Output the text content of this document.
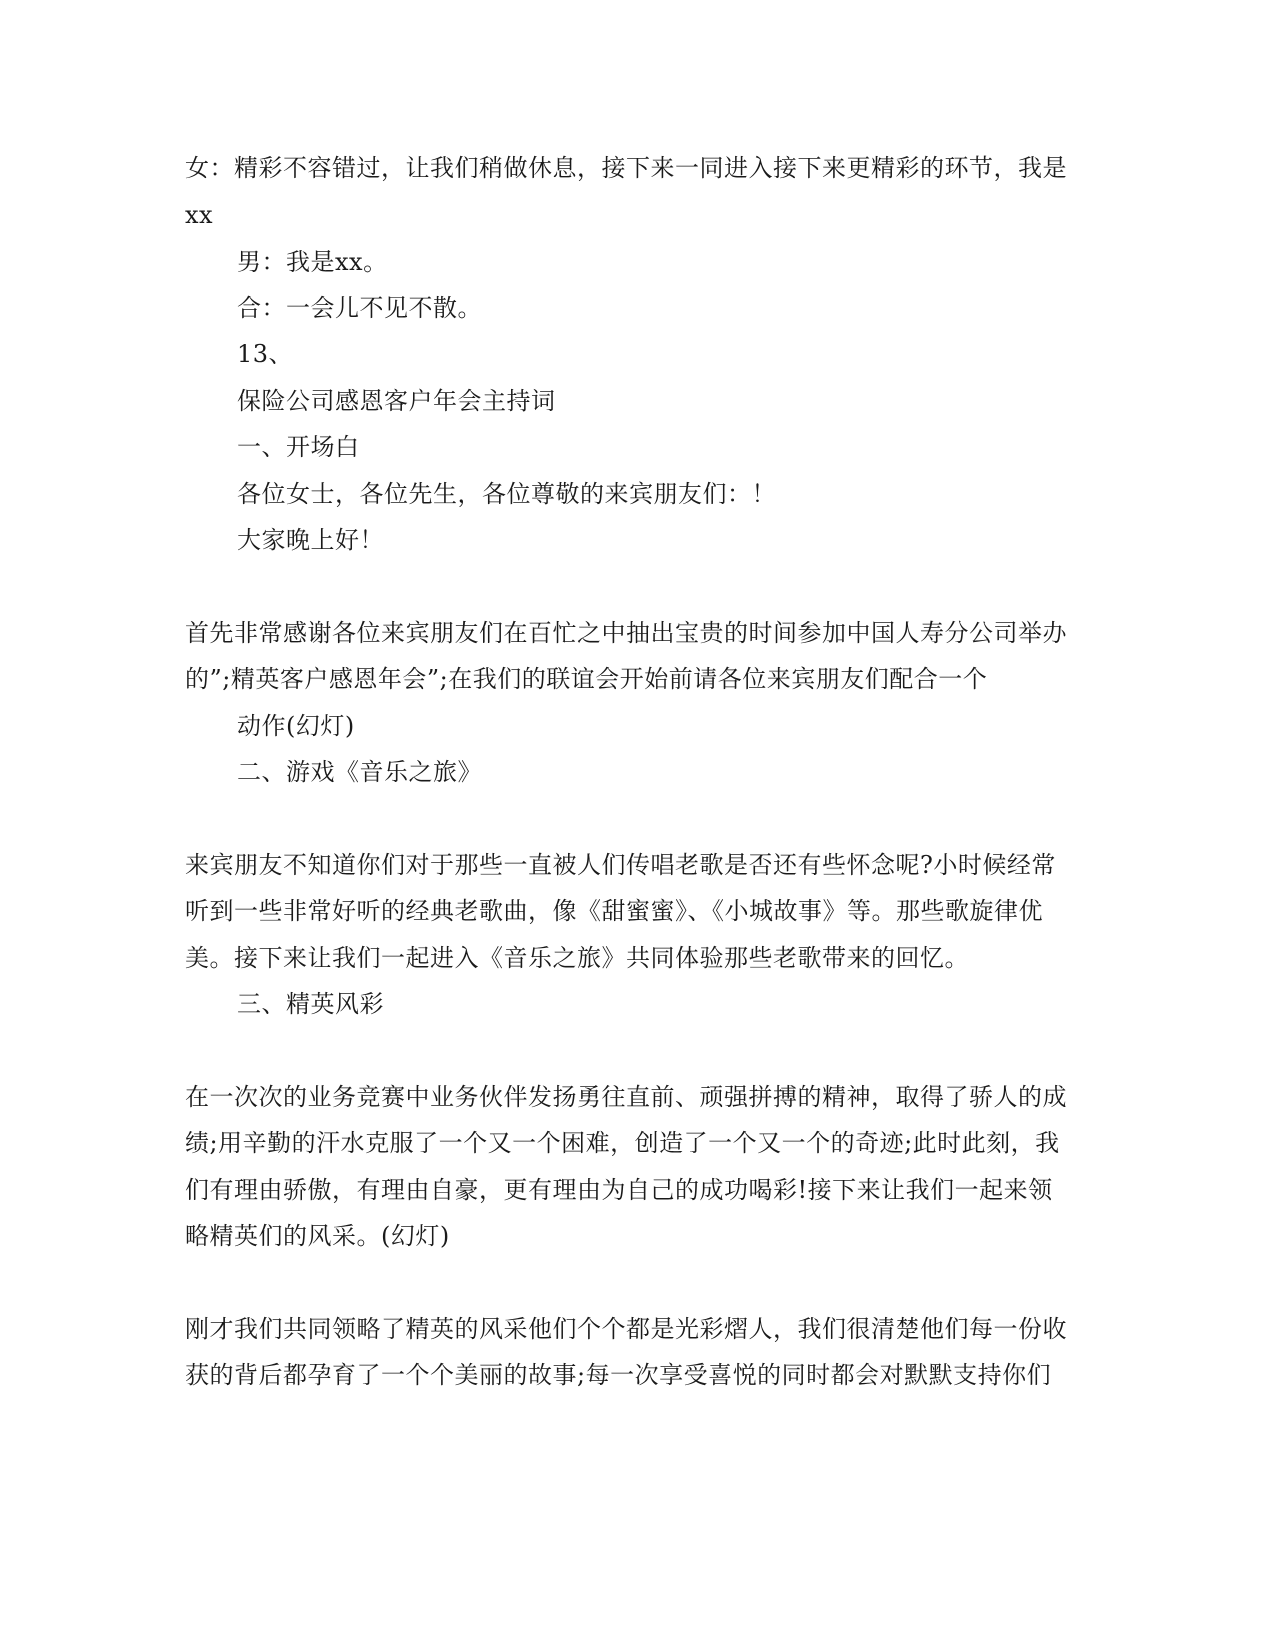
女：精彩不容错过，让我们稍做休息，接下来一同进入接下来更精彩的环节，我是
xx
男：我是xx。
合：一会儿不见不散。
13、
保险公司感恩客户年会主持词
一、开场白
各位女士，各位先生，各位尊敬的来宾朋友们：！
大家晚上好！
首先非常感谢各位来宾朋友们在百忙之中抽出宝贵的时间参加中国人寿分公司举办
的”;精英客户感恩年会”;在我们的联谊会开始前请各位来宾朋友们配合一个
动作(幻灯)
二、游戏《音乐之旅》
来宾朋友不知道你们对于那些一直被人们传唱老歌是否还有些怀念呢?小时候经常
听到一些非常好听的经典老歌曲，像《甜蜜蜜》、《小城故事》等。那些歌旋律优
美。接下来让我们一起进入《音乐之旅》共同体验那些老歌带来的回忆。
三、精英风彩
在一次次的业务竞赛中业务伙伴发扬勇往直前、顽强拼搏的精神，取得了骄人的成
绩;用辛勤的汗水克服了一个又一个困难，创造了一个又一个的奇迹;此时此刻，我
们有理由骄傲，有理由自豪，更有理由为自己的成功喝彩!接下来让我们一起来领
略精英们的风采。(幻灯)
刚才我们共同领略了精英的风采他们个个都是光彩熠人，我们很清楚他们每一份收
获的背后都孕育了一个个美丽的故事;每一次享受喜悦的同时都会对默默支持你们
